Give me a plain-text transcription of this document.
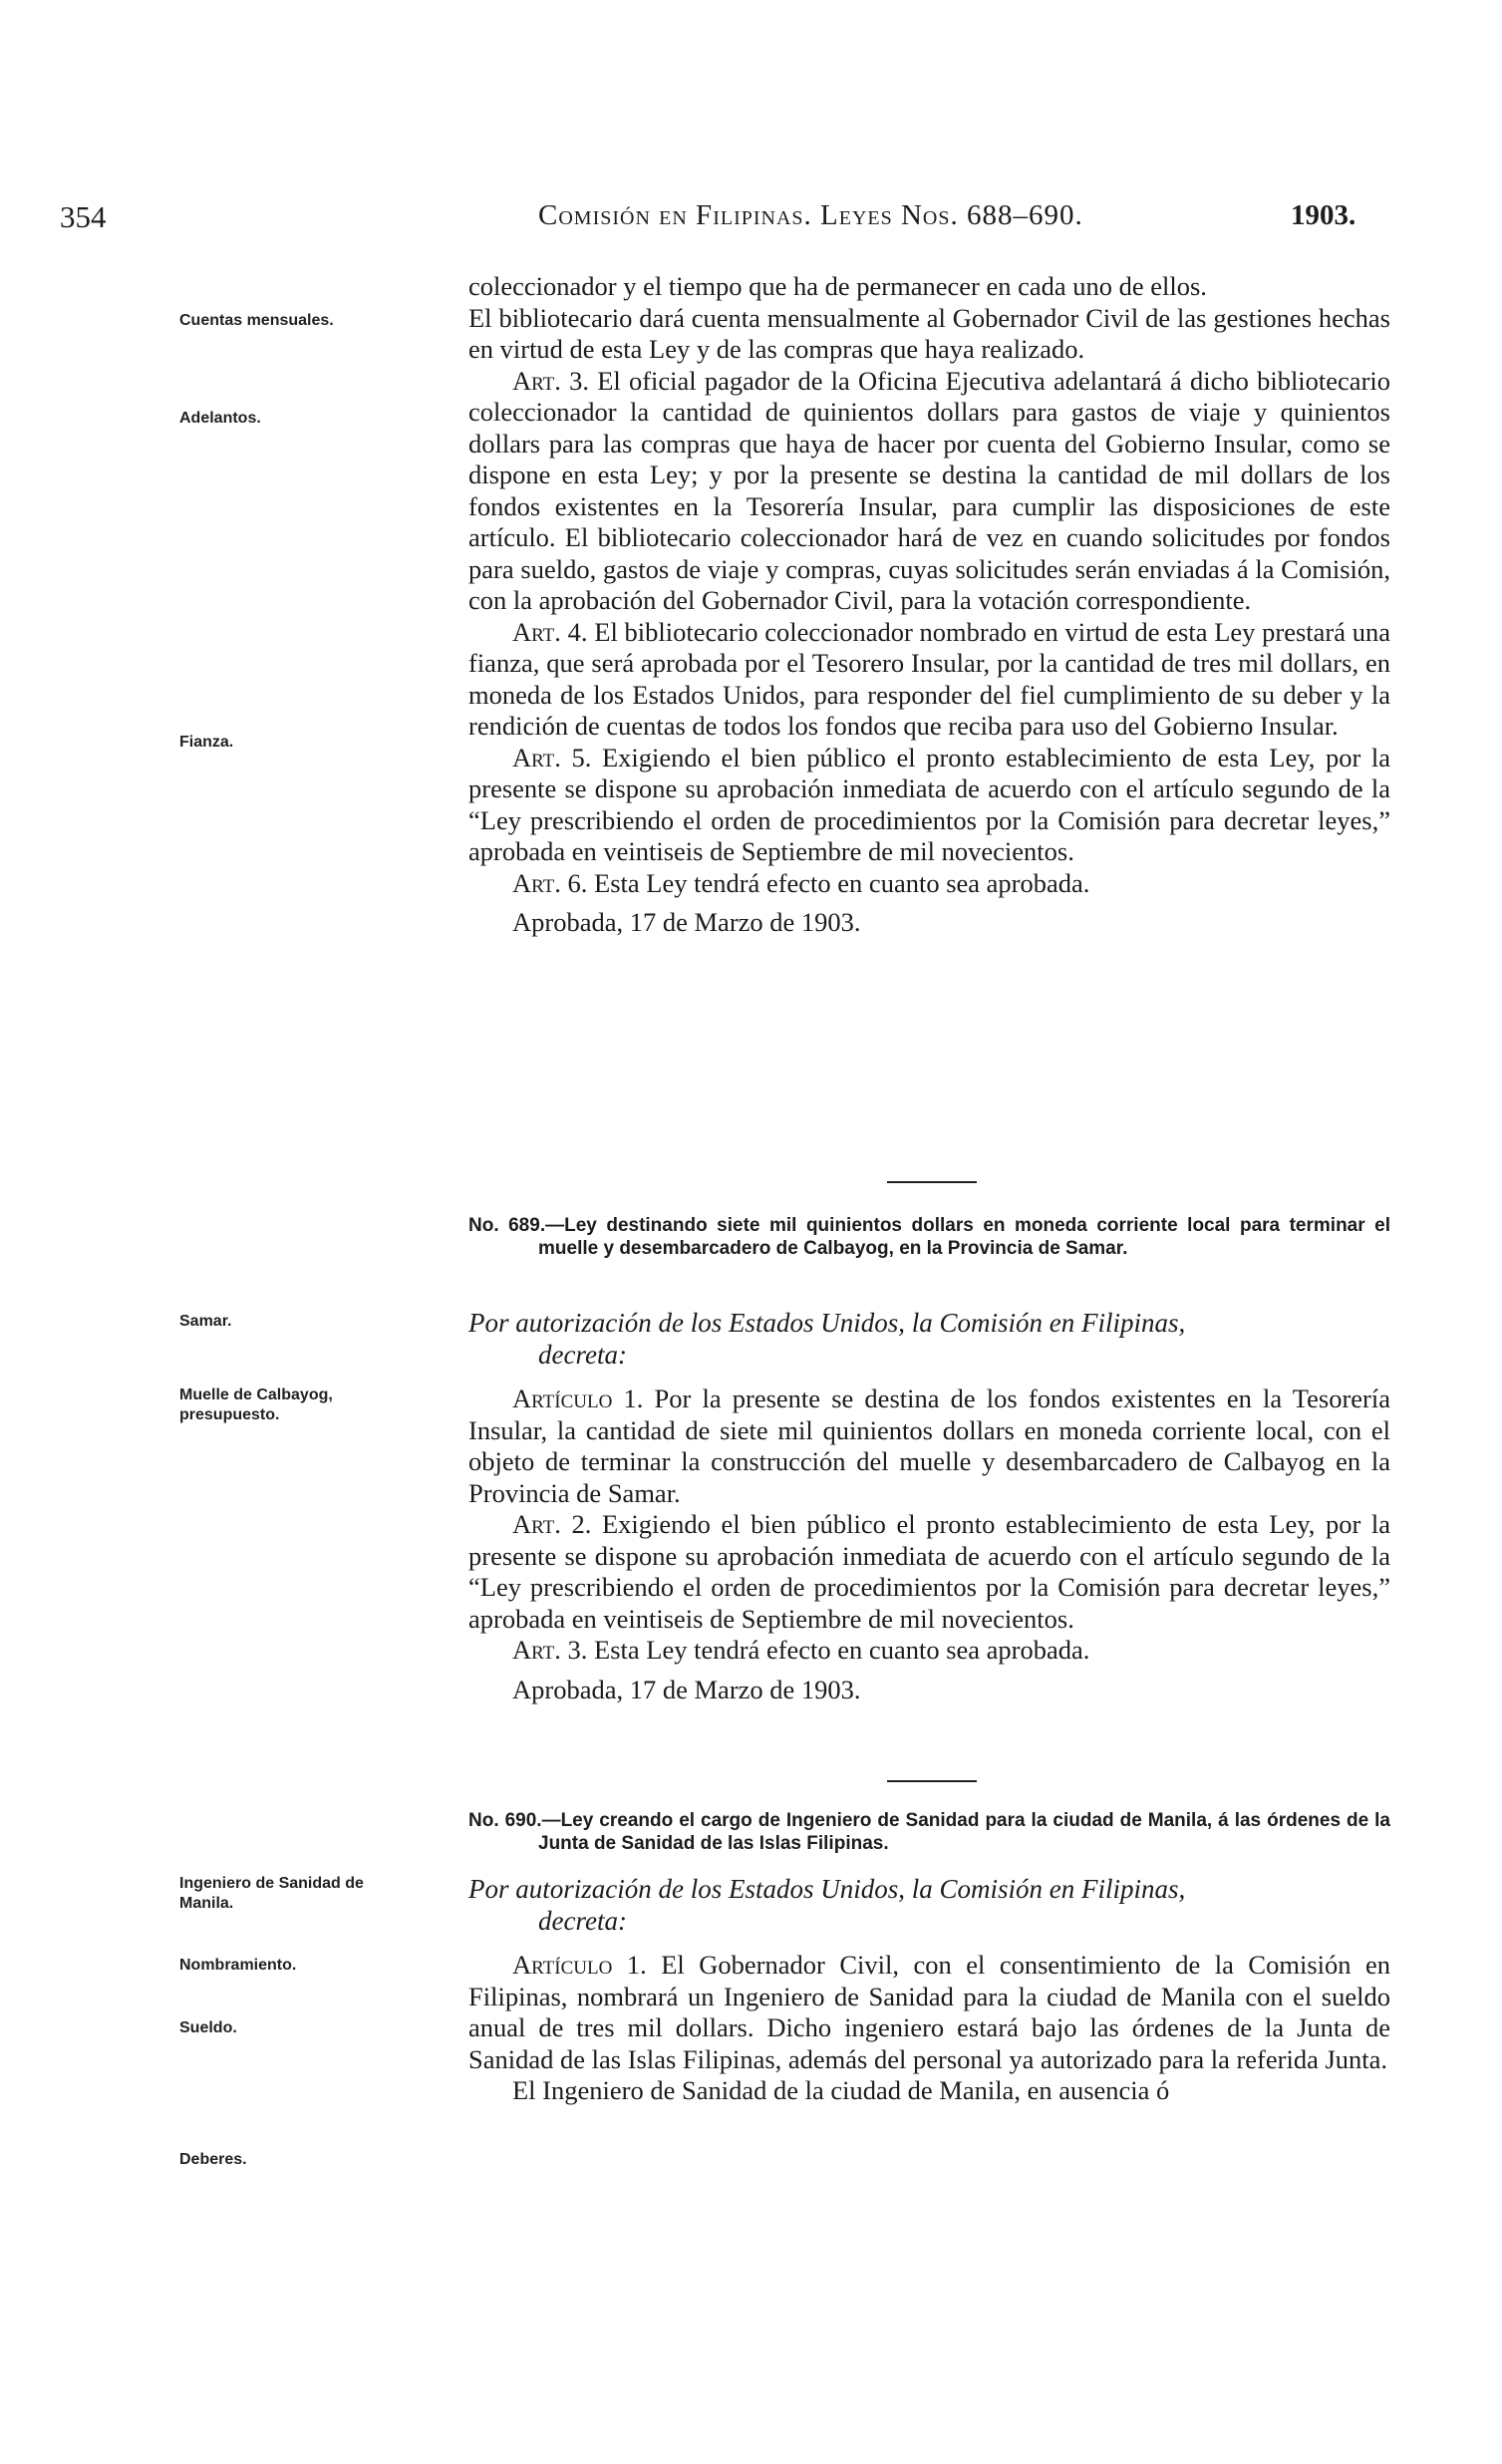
354	Comisión en Filipinas. Leyes Nos. 688–690.	1903.
Cuentas mensuales.
Adelantos.
Fianza.
Samar.
Muelle de Calbayog, presupuesto.
Ingeniero de Sanidad de Manila.
Nombramiento.
Sueldo.
Deberes.

coleccionador y el tiempo que ha de permanecer en cada uno de ellos.

El bibliotecario dará cuenta mensualmente al Gobernador Civil de las gestiones hechas en virtud de esta Ley y de las compras que haya realizado.

Art. 3. El oficial pagador de la Oficina Ejecutiva adelantará á dicho bibliotecario coleccionador la cantidad de quinientos dollars para gastos de viaje y quinientos dollars para las compras que haya de hacer por cuenta del Gobierno Insular, como se dispone en esta Ley; y por la presente se destina la cantidad de mil dollars de los fondos existentes en la Tesorería Insular, para cumplir las disposiciones de este artículo. El bibliotecario coleccionador hará de vez en cuando solicitudes por fondos para sueldo, gastos de viaje y compras, cuyas solicitudes serán enviadas á la Comisión, con la aprobación del Gobernador Civil, para la votación correspondiente.

Art. 4. El bibliotecario coleccionador nombrado en virtud de esta Ley prestará una fianza, que será aprobada por el Tesorero Insular, por la cantidad de tres mil dollars, en moneda de los Estados Unidos, para responder del fiel cumplimiento de su deber y la rendición de cuentas de todos los fondos que reciba para uso del Gobierno Insular.

Art. 5. Exigiendo el bien público el pronto establecimiento de esta Ley, por la presente se dispone su aprobación inmediata de acuerdo con el artículo segundo de la “Ley prescribiendo el orden de procedimientos por la Comisión para decretar leyes,” aprobada en veintiseis de Septiembre de mil novecientos.

Art. 6. Esta Ley tendrá efecto en cuanto sea aprobada.

Aprobada, 17 de Marzo de 1903.

No. 689.—Ley destinando siete mil quinientos dollars en moneda corriente local para terminar el muelle y desembarcadero de Calbayog, en la Provincia de Samar.
Por autorización de los Estados Unidos, la Comisión en Filipinas,
decreta:

Artículo 1. Por la presente se destina de los fondos existentes en la Tesorería Insular, la cantidad de siete mil quinientos dollars en moneda corriente local, con el objeto de terminar la construcción del muelle y desembarcadero de Calbayog en la Provincia de Samar.

Art. 2. Exigiendo el bien público el pronto establecimiento de esta Ley, por la presente se dispone su aprobación inmediata de acuerdo con el artículo segundo de la “Ley prescribiendo el orden de procedimientos por la Comisión para decretar leyes,” aprobada en veintiseis de Septiembre de mil novecientos.

Art. 3. Esta Ley tendrá efecto en cuanto sea aprobada.

Aprobada, 17 de Marzo de 1903.

No. 690.—Ley creando el cargo de Ingeniero de Sanidad para la ciudad de Manila, á las órdenes de la Junta de Sanidad de las Islas Filipinas.
Por autorización de los Estados Unidos, la Comisión en Filipinas,
decreta:

Artículo 1. El Gobernador Civil, con el consentimiento de la Comisión en Filipinas, nombrará un Ingeniero de Sanidad para la ciudad de Manila con el sueldo anual de tres mil dollars. Dicho ingeniero estará bajo las órdenes de la Junta de Sanidad de las Islas Filipinas, además del personal ya autorizado para la referida Junta.

El Ingeniero de Sanidad de la ciudad de Manila, en ausencia ó
